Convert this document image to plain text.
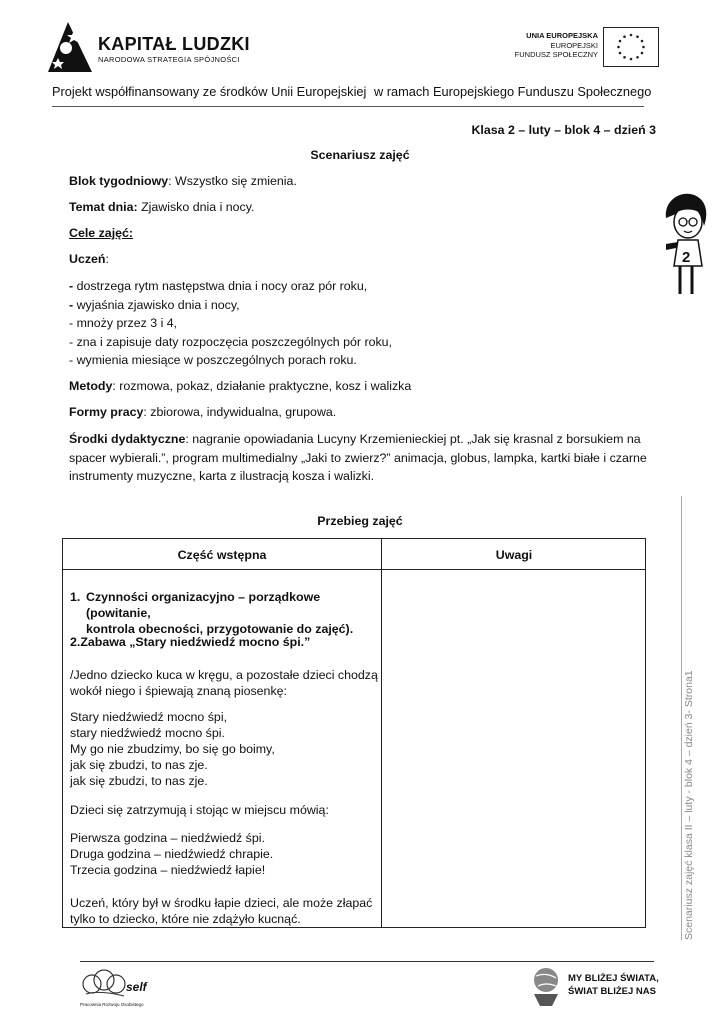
KAPITAŁ LUDZKI
NARODOWA STRATEGIA SPÓJNOŚCI
UNIA EUROPEJSKA
EUROPEJSKI
FUNDUSZ SPOŁECZNY
Projekt współfinansowany ze środków Unii Europejskiej w ramach Europejskiego Funduszu Społecznego
Klasa 2 – luty – blok 4 – dzień 3
Scenariusz zajęć
Blok tygodniowy: Wszystko się zmienia.
Temat dnia: Zjawisko dnia i nocy.
Cele zajęć:
Uczeń:
- dostrzega rytm następstwa dnia i nocy oraz pór roku,
- wyjaśnia zjawisko dnia i nocy,
- mnoży przez 3 i 4,
- zna i zapisuje daty rozpoczęcia poszczególnych pór roku,
- wymienia miesiące w poszczególnych porach roku.
Metody: rozmowa, pokaz, działanie praktyczne, kosz i walizka
Formy pracy: zbiorowa, indywidualna, grupowa.
Środki dydaktyczne: nagranie opowiadania Lucyny Krzemienieckiej pt. „Jak się krasnal z borsukiem na
spacer wybierali.”, program multimedialny „Jaki to zwierz?” animacja, globus, lampka, kartki białe i czarne
instrumenty muzyczne, karta z ilustracją kosza i walizki.
Przebieg zajęć
Część wstępna	Uwagi
1. Czynności organizacyjno – porządkowe (powitanie,
kontrola obecności, przygotowanie do zajęć).
2.Zabawa „Stary niedźwiedź mocno śpi.”
/Jedno dziecko kuca w kręgu, a pozostałe dzieci chodzą
wokół niego i śpiewają znaną piosenkę:
Stary niedźwiedź mocno śpi,
stary niedźwiedź mocno śpi.
My go nie zbudzimy, bo się go boimy,
jak się zbudzi, to nas zje.
jak się zbudzi, to nas zje.
Dzieci się zatrzymują i stojąc w miejscu mówią:
Pierwsza godzina – niedźwiedź śpi.
Druga godzina – niedźwiedź chrapie.
Trzecia godzina – niedźwiedź łapie!
Uczeń, który był w środku łapie dzieci, ale może złapać
tylko to dziecko, które nie zdążyło kucnąć.
2
Scenariusz zajęć klasa II – luty - blok 4 – dzień 3- Strona1
self
Pracownia Rozwoju Osobistego
MY BLIŻEJ ŚWIATA,
ŚWIAT BLIŻEJ NAS
